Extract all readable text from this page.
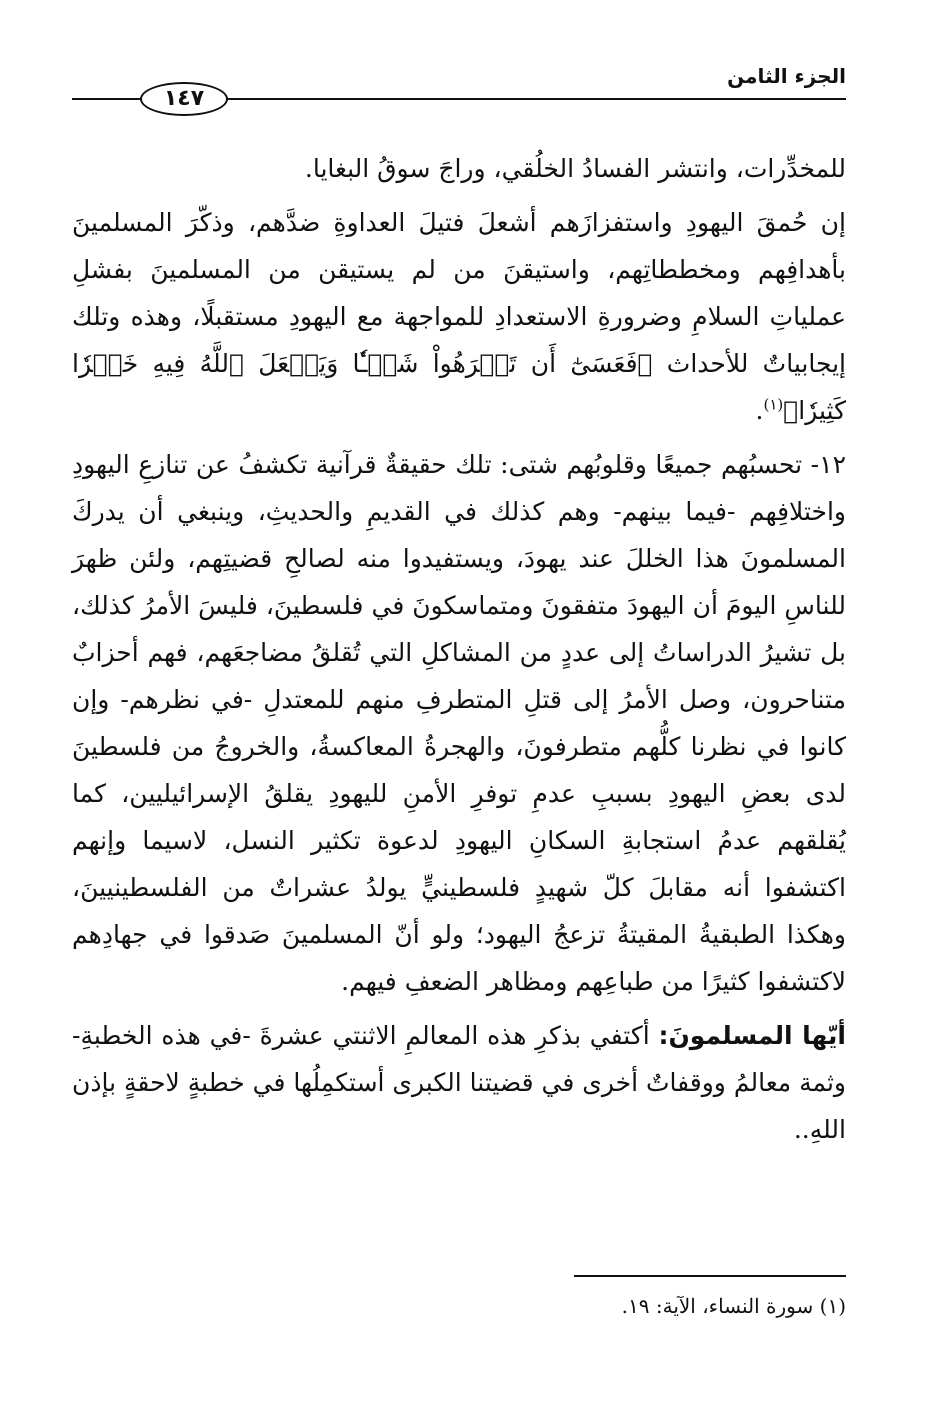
الجزء الثامن
١٤٧

للمخدِّرات، وانتشر الفسادُ الخلُقي، وراجَ سوقُ البغايا.

إن حُمقَ اليهودِ واستفزازَهم أشعلَ فتيلَ العداوةِ ضدَّهم، وذكّرَ المسلمينَ بأهدافِهم ومخططاتِهم، واستيقنَ من لم يستيقن من المسلمينَ بفشلِ عملياتِ السلامِ وضرورةِ الاستعدادِ للمواجهة مع اليهودِ مستقبلًا، وهذه وتلك إيجابياتٌ للأحداث ﴿فَعَسَىٰٓ أَن تَكۡرَهُواْ شَيۡـٔٗا وَيَجۡعَلَ ٱللَّهُ فِيهِ خَيۡرٗا كَثِيرٗا﴾$^{(١)}$.

١٢- تحسبُهم جميعًا وقلوبُهم شتى: تلك حقيقةٌ قرآنية تكشفُ عن تنازعِ اليهودِ واختلافِهم -فيما بينهم- وهم كذلك في القديمِ والحديثِ، وينبغي أن يدركَ المسلمونَ هذا الخللَ عند يهودَ، ويستفيدوا منه لصالحِ قضيتِهم، ولئن ظهرَ للناسِ اليومَ أن اليهودَ متفقونَ ومتماسكونَ في فلسطينَ، فليسَ الأمرُ كذلك، بل تشيرُ الدراساتُ إلى عددٍ من المشاكلِ التي تُقلقُ مضاجعَهم، فهم أحزابٌ متناحرون، وصل الأمرُ إلى قتلِ المتطرفِ منهم للمعتدلِ -في نظرهم- وإن كانوا في نظرنا كلُّهم متطرفونَ، والهجرةُ المعاكسةُ، والخروجُ من فلسطينَ لدى بعضِ اليهودِ بسببِ عدمِ توفرِ الأمنِ لليهودِ يقلقُ الإسرائيليين، كما يُقلقهم عدمُ استجابةِ السكانِ اليهودِ لدعوة تكثير النسل، لاسيما وإنهم اكتشفوا أنه مقابلَ كلّ شهيدٍ فلسطينيٍّ يولدُ عشراتٌ من الفلسطينيينَ، وهكذا الطبقيةُ المقيتةُ تزعجُ اليهود؛ ولو أنّ المسلمينَ صَدقوا في جهادِهم لاكتشفوا كثيرًا من طباعِهم ومظاهر الضعفِ فيهم.

أيّها المسلمونَ: أكتفي بذكرِ هذه المعالمِ الاثنتي عشرةَ -في هذه الخطبةِ- وثمة معالمُ ووقفاتٌ أخرى في قضيتنا الكبرى أستكمِلُها في خطبةٍ لاحقةٍ بإذن اللهِ..

(١) سورة النساء، الآية: ١٩.
